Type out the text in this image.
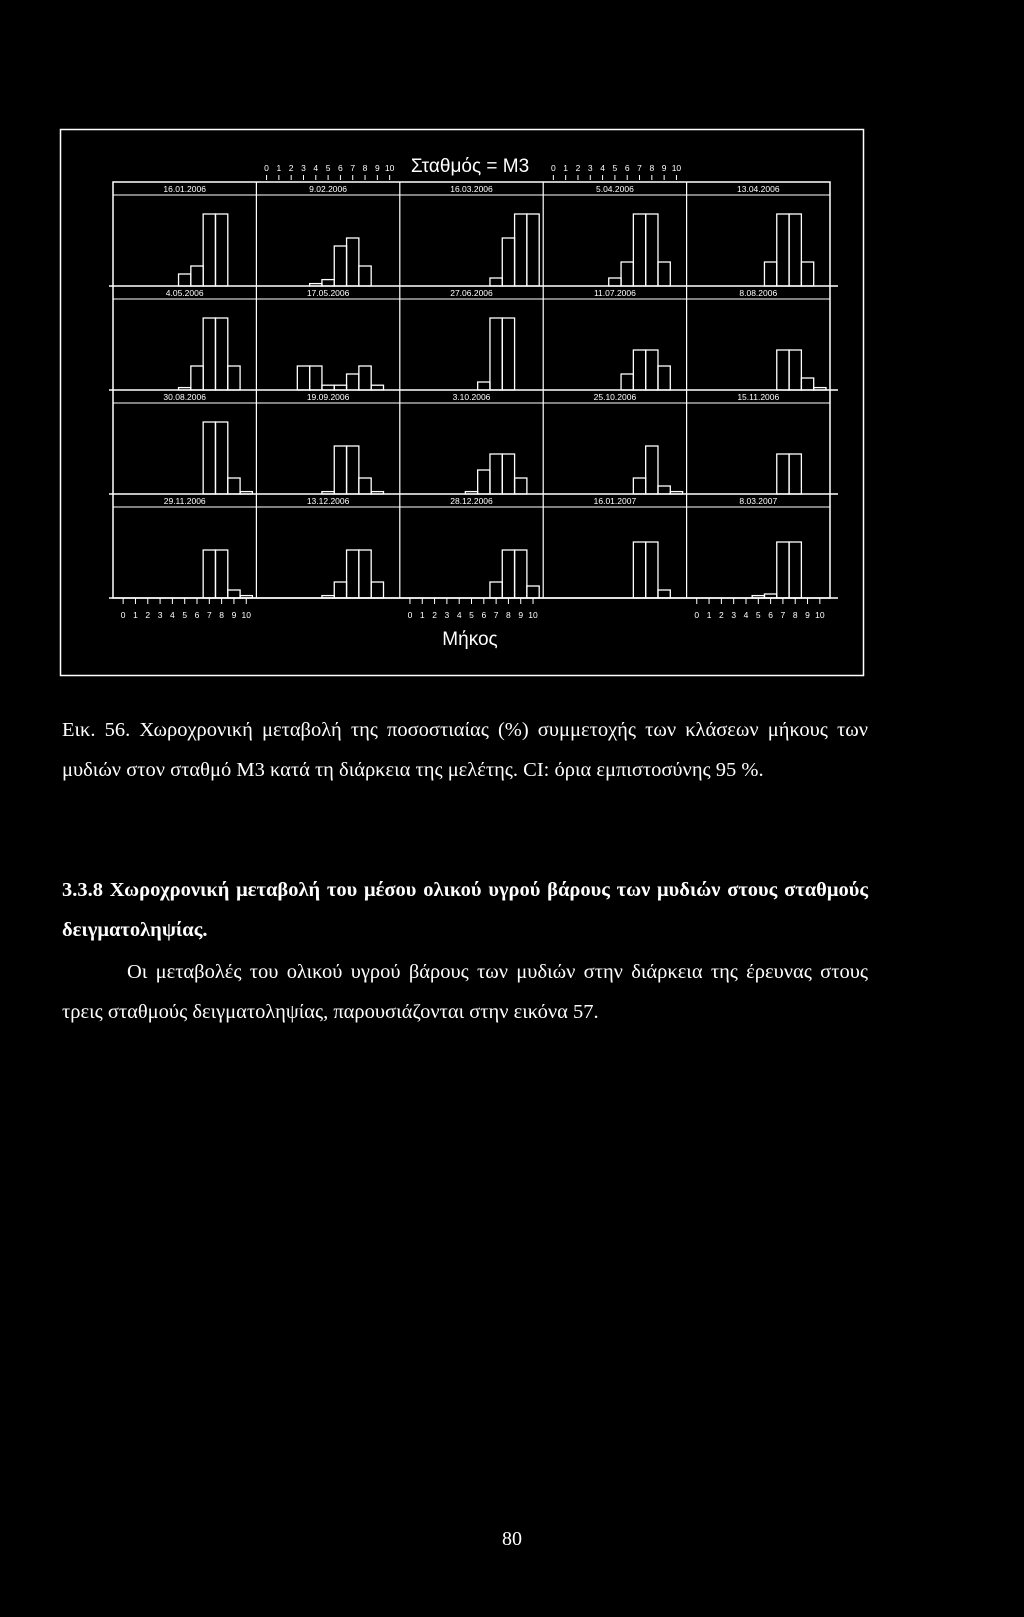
Σταθμός = Μ3
16.01.2006	9.02.2006	16.03.2006	5.04.2006	13.04.2006
4.05.2006	17.05.2006	27.06.2006	11.07.2006	8.08.2006
30.08.2006	19.09.2006	3.10.2006	25.10.2006	15.11.2006
29.11.2006	13.12.2006	28.12.2006	16.01.2007	8.03.2007
0 1 2 3 4 5 6 7 8 9 10	0 1 2 3 4 5 6 7 8 9 10
0 1 2 3 4 5 6 7 8 9 10	0 1 2 3 4 5 6 7 8 9 10	0 1 2 3 4 5 6 7 8 9 10
Μήκος
Εικ. 56. Χωροχρονική μεταβολή της ποσοστιαίας (%) συμμετοχής των κλάσεων μήκους των μυδιών στον σταθμό Μ3 κατά τη διάρκεια της μελέτης. CI: όρια εμπιστοσύνης 95 %.
3.3.8 Χωροχρονική μεταβολή του μέσου ολικού υγρού βάρους των μυδιών στους σταθμούς δειγματοληψίας.
Οι μεταβολές του ολικού υγρού βάρους των μυδιών στην διάρκεια της έρευνας στους τρεις σταθμούς δειγματοληψίας, παρουσιάζονται στην εικόνα 57.
80
